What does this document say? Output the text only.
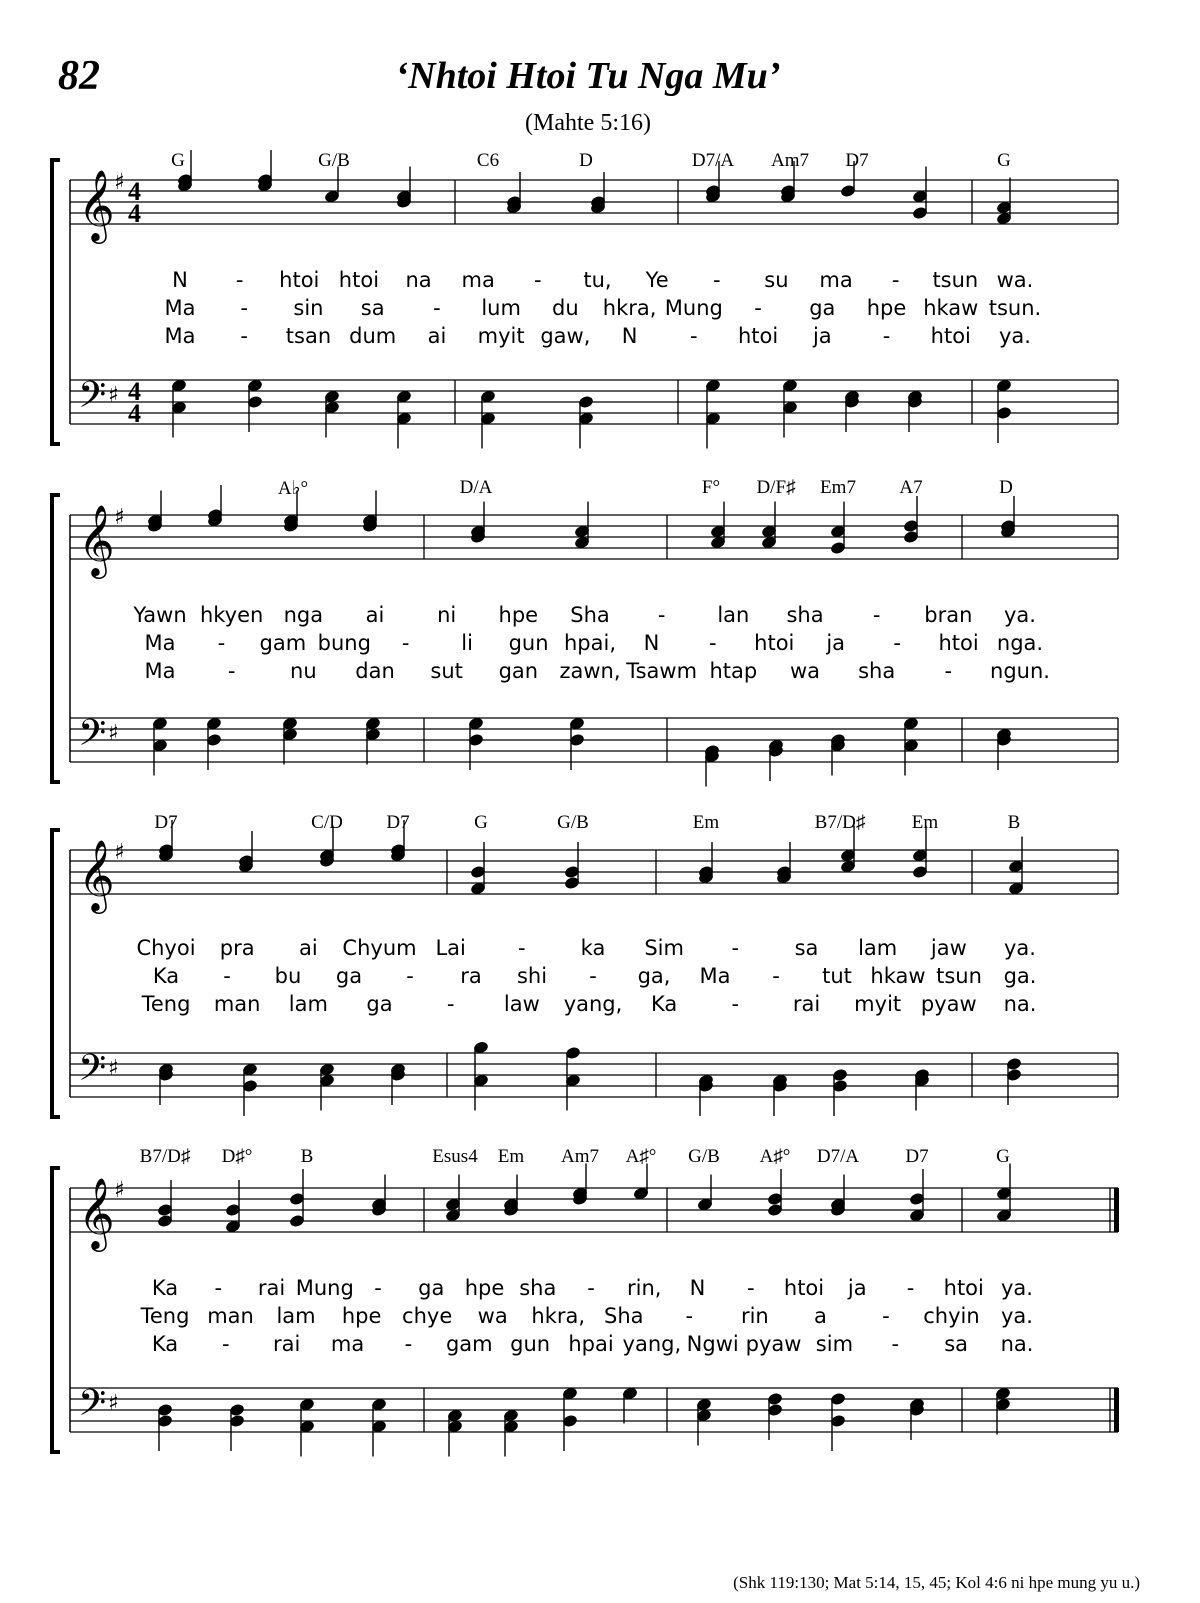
82	‘Nhtoi Htoi Tu Nga Mu’
(Mahte 5:16)
𝄞 ♯ 4
4
𝄢 ♯ 4
4
𝄞 ♯
𝄢 ♯
𝄞 ♯
𝄢 ♯
𝄞 ♯
𝄢 ♯
G	G/B	C6	D	D7/A Am7 D7	G
N - htoi htoi na ma - tu, Ye - su ma - tsun wa.
Ma - sin sa - lum du hkra, Mung - ga hpe hkaw tsun.
Ma - tsan dum ai myit gaw, N	- htoi ja - htoi ya.
A♭°	D/A	F° D/F♯ Em7 A7	D
Yawn hkyen nga ai	ni hpe Sha - lan sha - bran ya.
Ma - gam bung - li gun hpai, N - htoi ja - htoi nga.
Ma -	nu dan sut gan zawn, Tsawm htap wa sha - ngun.
D7	C/D D7	G	G/B	Em	B7/D♯ Em	B
Chyoi pra ai Chyum Lai -	ka Sim -	sa lam jaw ya.
Ka - bu ga - ra shi - ga, Ma - tut hkaw tsun ga.
Teng man lam ga	- law yang, Ka	-	rai myit pyaw na.
B7/D♯ D♯°	B	Esus4 Em Am7 A♯° G/B A♯° D7/A D7	G
Ka - rai Mung - ga hpe sha - rin, N - htoi ja - htoi ya.
Teng man lam hpe chye wa hkra, Sha - rin a	- chyin ya.
Ka - rai ma - gam gun hpai yang, Ngwi pyaw sim - sa na.
(Shk 119:130; Mat 5:14, 15, 45; Kol 4:6 ni hpe mung yu u.)
